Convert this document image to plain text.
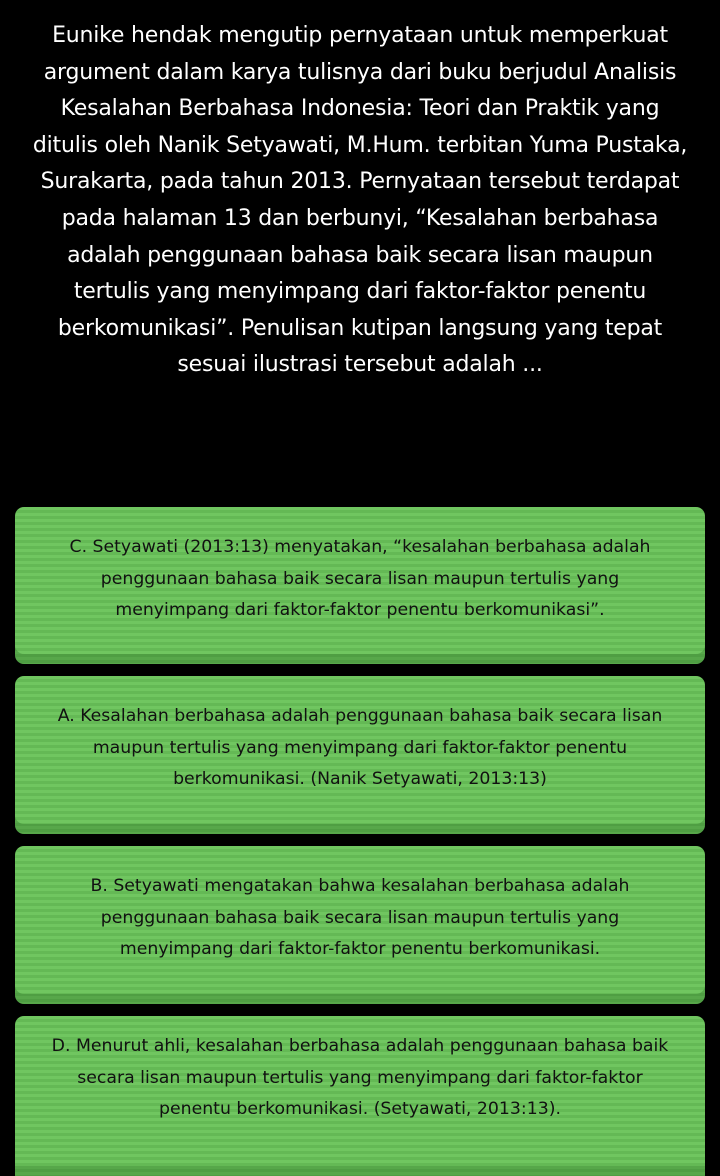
Eunike hendak mengutip pernyataan untuk memperkuat argument dalam karya tulisnya dari buku berjudul Analisis Kesalahan Berbahasa Indonesia: Teori dan Praktik yang ditulis oleh Nanik Setyawati, M.Hum. terbitan Yuma Pustaka, Surakarta, pada tahun 2013. Pernyataan tersebut terdapat pada halaman 13 dan berbunyi, “Kesalahan berbahasa adalah penggunaan bahasa baik secara lisan maupun tertulis yang menyimpang dari faktor-faktor penentu berkomunikasi”. Penulisan kutipan langsung yang tepat sesuai ilustrasi tersebut adalah ...
C. Setyawati (2013:13) menyatakan, “kesalahan berbahasa adalah penggunaan bahasa baik secara lisan maupun tertulis yang menyimpang dari faktor-faktor penentu berkomunikasi”.
A. Kesalahan berbahasa adalah penggunaan bahasa baik secara lisan maupun tertulis yang menyimpang dari faktor-faktor penentu berkomunikasi. (Nanik Setyawati, 2013:13)
B. Setyawati mengatakan bahwa kesalahan berbahasa adalah penggunaan bahasa baik secara lisan maupun tertulis yang menyimpang dari faktor-faktor penentu berkomunikasi.
D. Menurut ahli, kesalahan berbahasa adalah penggunaan bahasa baik secara lisan maupun tertulis yang menyimpang dari faktor-faktor penentu berkomunikasi. (Setyawati, 2013:13).
